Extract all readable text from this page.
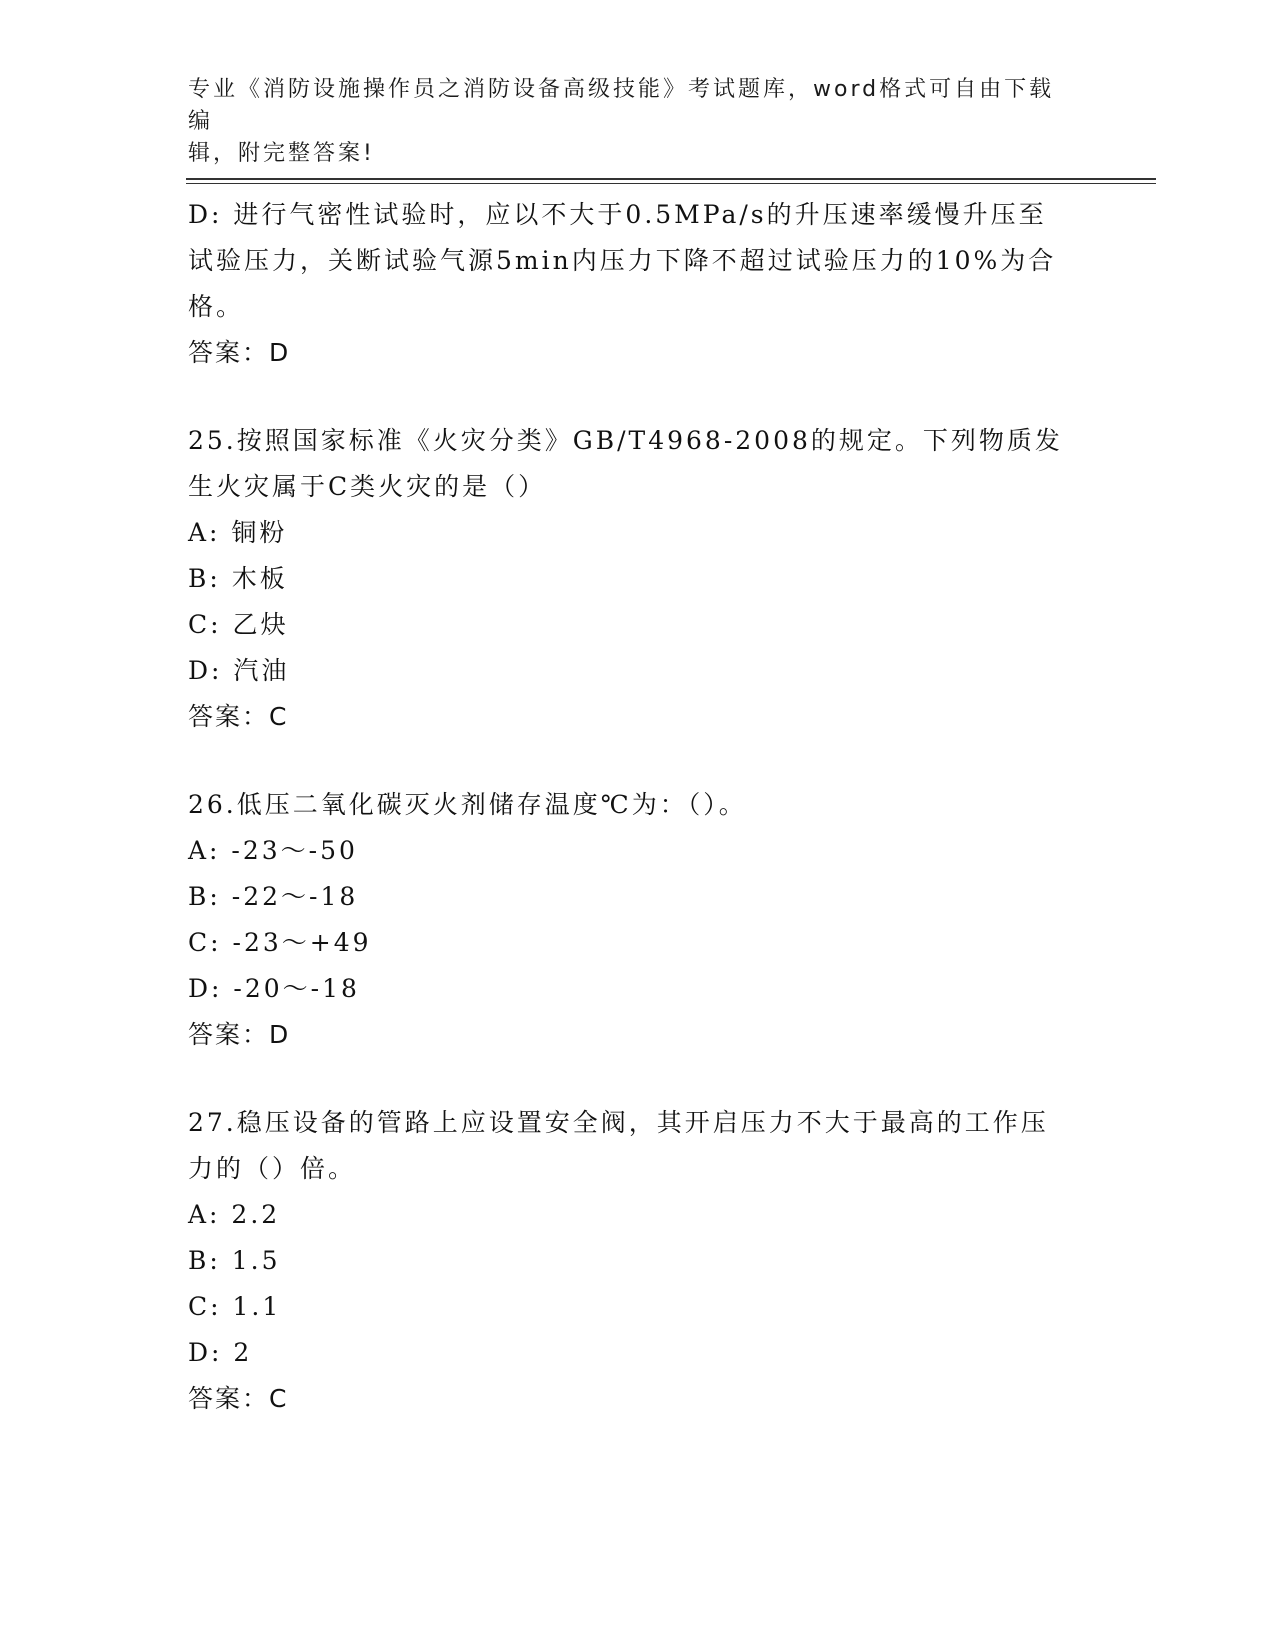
专业《消防设施操作员之消防设备高级技能》考试题库，word格式可自由下载编
辑，附完整答案!
D: 进行气密性试验时，应以不大于0.5MPa/s的升压速率缓慢升压至试验压力，关断试验气源5min内压力下降不超过试验压力的10%为合格。
答案：D
25.按照国家标准《火灾分类》GB/T4968-2008的规定。下列物质发生火灾属于C类火灾的是（）
A: 铜粉
B: 木板
C: 乙炔
D: 汽油
答案：C
26.低压二氧化碳灭火剂储存温度℃为：（）。
A: -23～-50
B: -22～-18
C: -23～+49
D: -20～-18
答案：D
27.稳压设备的管路上应设置安全阀，其开启压力不大于最高的工作压力的（）倍。
A: 2.2
B: 1.5
C: 1.1
D: 2
答案：C
